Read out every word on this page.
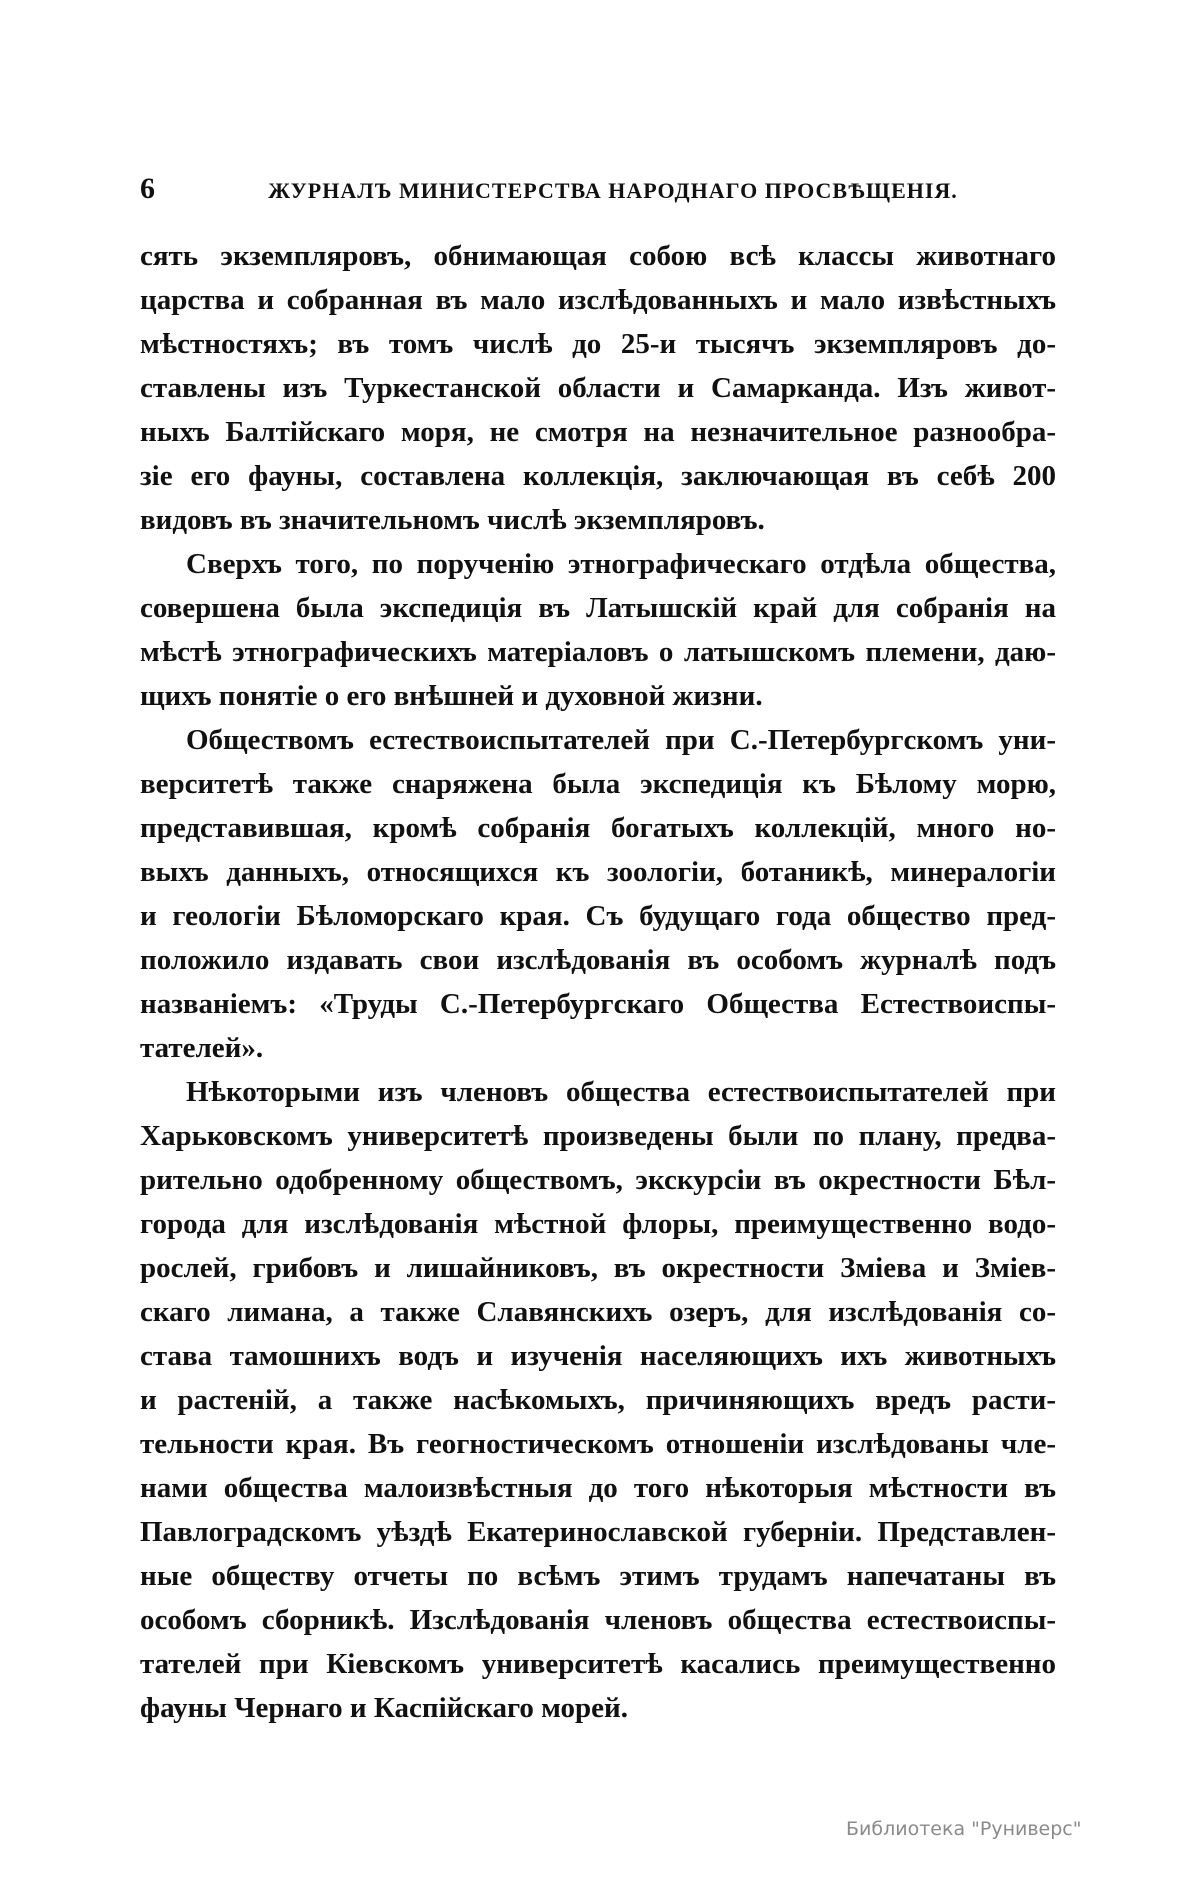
6	ЖУРНАЛЪ МИНИСТЕРСТВА НАРОДНАГО ПРОСВѢЩЕНІЯ.
сять экземпляровъ, обнимающая собою всѣ классы животнаго
царства и собранная въ мало изслѣдованныхъ и мало извѣстныхъ
мѣстностяхъ; въ томъ числѣ до 25-и тысячъ экземпляровъ до-
ставлены изъ Туркестанской области и Самарканда. Изъ живот-
ныхъ Балтійскаго моря, не смотря на незначительное разнообра-
зіе его фауны, составлена коллекція, заключающая въ себѣ 200
видовъ въ значительномъ числѣ экземпляровъ.
Сверхъ того, по порученію этнографическаго отдѣла общества,
совершена была экспедиція въ Латышскій край для собранія на
мѣстѣ этнографическихъ матеріаловъ о латышскомъ племени, даю-
щихъ понятіе о его внѣшней и духовной жизни.
Обществомъ естествоиспытателей при С.-Петербургскомъ уни-
верситетѣ также снаряжена была экспедиція къ Бѣлому морю,
представившая, кромѣ собранія богатыхъ коллекцій, много но-
выхъ данныхъ, относящихся къ зоологіи, ботаникѣ, минералогіи
и геологіи Бѣломорскаго края. Съ будущаго года общество пред-
положило издавать свои изслѣдованія въ особомъ журналѣ подъ
названіемъ: «Труды С.-Петербургскаго Общества Естествоиспы-
тателей».
Нѣкоторыми изъ членовъ общества естествоиспытателей при
Харьковскомъ университетѣ произведены были по плану, предва-
рительно одобренному обществомъ, экскурсіи въ окрестности Бѣл-
города для изслѣдованія мѣстной флоры, преимущественно водо-
рослей, грибовъ и лишайниковъ, въ окрестности Зміева и Зміев-
скаго лимана, а также Славянскихъ озеръ, для изслѣдованія со-
става тамошнихъ водъ и изученія населяющихъ ихъ животныхъ
и растеній, а также насѣкомыхъ, причиняющихъ вредъ расти-
тельности края. Въ геогностическомъ отношеніи изслѣдованы чле-
нами общества малоизвѣстныя до того нѣкоторыя мѣстности въ
Павлоградскомъ уѣздѣ Екатеринославской губерніи. Представлен-
ные обществу отчеты по всѣмъ этимъ трудамъ напечатаны въ
особомъ сборникѣ. Изслѣдованія членовъ общества естествоиспы-
тателей при Кіевскомъ университетѣ касались преимущественно
фауны Чернаго и Каспійскаго морей.
Библиотека "Руниверс"
